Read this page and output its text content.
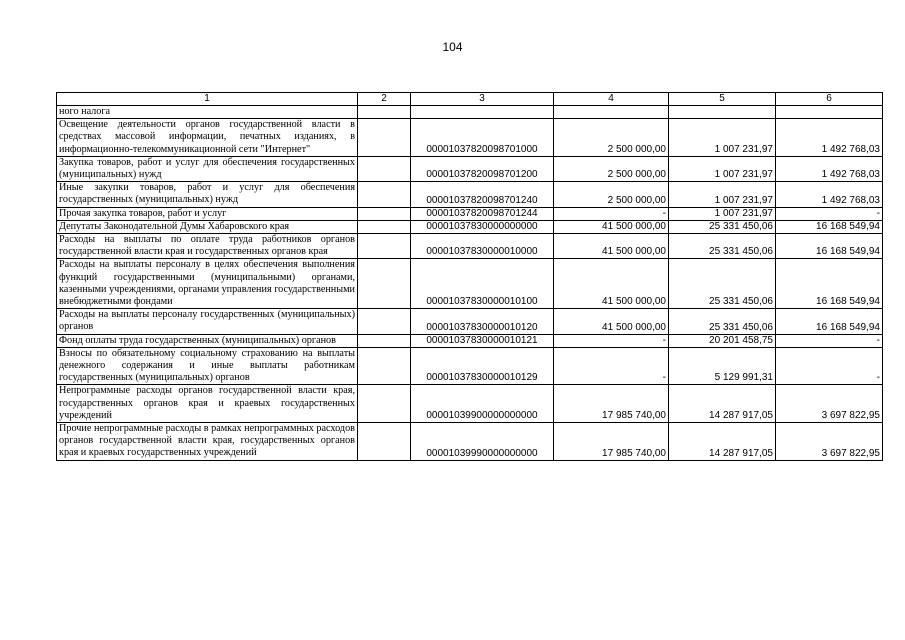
104
1	2	3	4	5	6
ного налога					
Освещение деятельности органов государственной власти в средствах массовой информации, печатных изданиях, в информационно-телекоммуникационной сети "Интернет"		00001037820098701000	2 500 000,00	1 007 231,97	1 492 768,03
Закупка товаров, работ и услуг для обеспечения государственных (муниципальных) нужд		00001037820098701200	2 500 000,00	1 007 231,97	1 492 768,03
Иные закупки товаров, работ и услуг для обеспечения государственных (муниципальных) нужд		00001037820098701240	2 500 000,00	1 007 231,97	1 492 768,03
Прочая закупка товаров, работ и услуг		00001037820098701244	-	1 007 231,97	-
Депутаты Законодательной Думы Хабаровского края		00001037830000000000	41 500 000,00	25 331 450,06	16 168 549,94
Расходы на выплаты по оплате труда работников органов государственной власти края и государственных органов края		00001037830000010000	41 500 000,00	25 331 450,06	16 168 549,94
Расходы на выплаты персоналу в целях обеспечения выполнения функций государственными (муниципальными) органами, казенными учреждениями, органами управления государственными внебюджетными фондами		00001037830000010100	41 500 000,00	25 331 450,06	16 168 549,94
Расходы на выплаты персоналу государственных (муниципальных) органов		00001037830000010120	41 500 000,00	25 331 450,06	16 168 549,94
Фонд оплаты труда государственных (муниципальных) органов		00001037830000010121	-	20 201 458,75	-
Взносы по обязательному социальному страхованию на выплаты денежного содержания и иные выплаты работникам государственных (муниципальных) органов		00001037830000010129	-	5 129 991,31	-
Непрограммные расходы органов государственной власти края, государственных органов края и краевых государственных учреждений		00001039900000000000	17 985 740,00	14 287 917,05	3 697 822,95
Прочие непрограммные расходы в рамках непрограммных расходов органов государственной власти края, государственных органов края и краевых государственных учреждений		00001039990000000000	17 985 740,00	14 287 917,05	3 697 822,95
